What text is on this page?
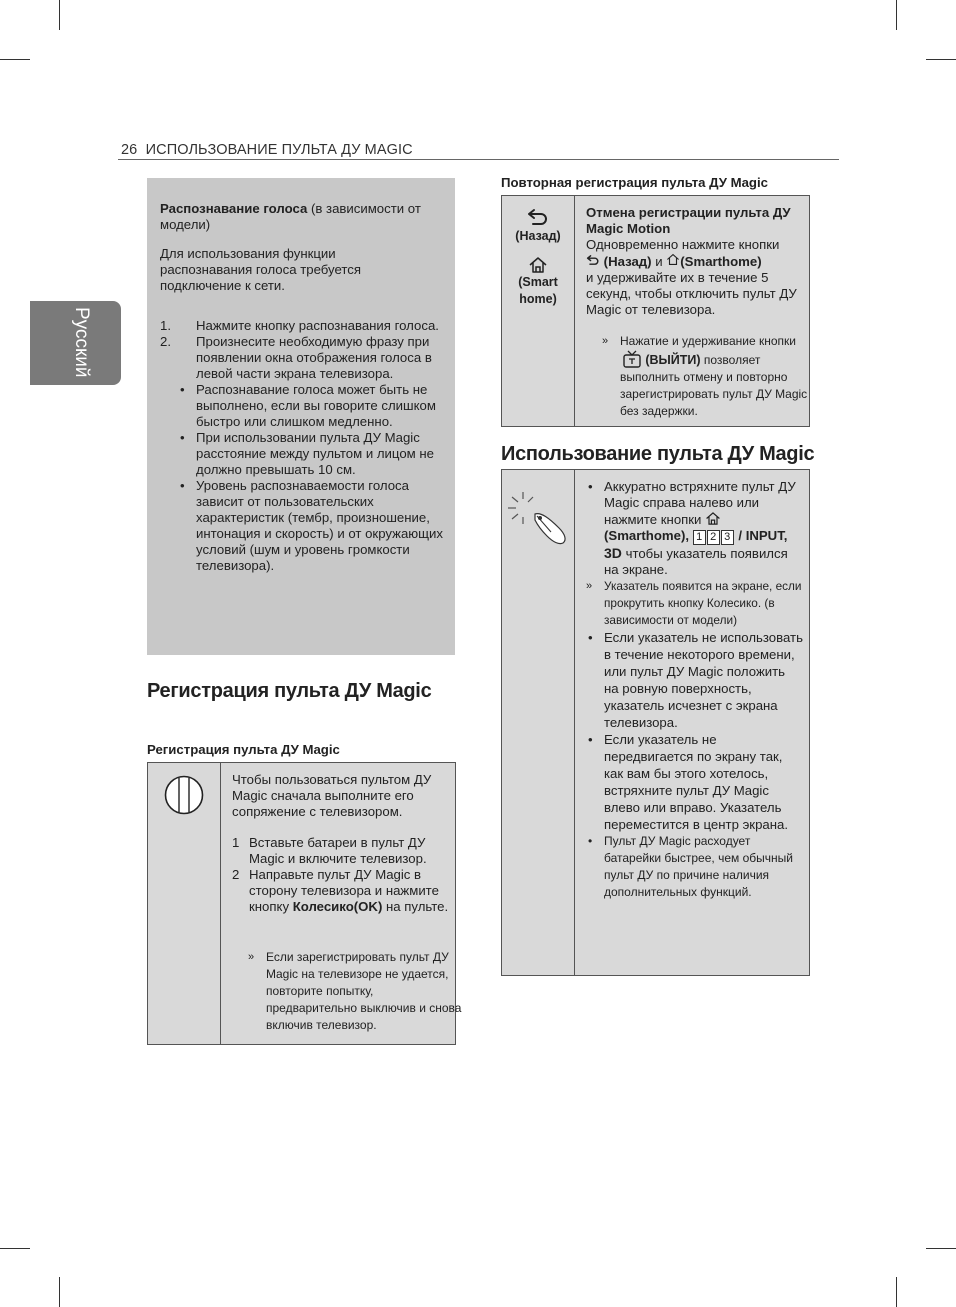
26 ИСПОЛЬЗОВАНИЕ ПУЛЬТА ДУ MAGIC
Русский
Распознавание голоса (в зависимости от модели)
Для использования функции распознавания голоса требуется подключение к сети.
1. Нажмите кнопку распознавания голоса.
2. Произнесите необходимую фразу при появлении окна отображения голоса в левой части экрана телевизора.
• Распознавание голоса может быть не выполнено, если вы говорите слишком быстро или слишком медленно.
• При использовании пульта ДУ Magic расстояние между пультом и лицом не должно превышать 10 см.
• Уровень распознаваемости голоса зависит от пользовательских характеристик (тембр, произношение, интонация и скорость) и от окружающих условий (шум и уровень громкости телевизора).
Регистрация пульта ДУ Magic
Регистрация пульта ДУ Magic
Чтобы пользоваться пультом ДУ Magic сначала выполните его сопряжение с телевизором.
1 Вставьте батареи в пульт ДУ Magic и включите телевизор.
2 Направьте пульт ДУ Magic в сторону телевизора и нажмите кнопку Колесико(OK) на пульте.
» Если зарегистрировать пульт ДУ Magic на телевизоре не удается, повторите попытку, предварительно выключив и снова включив телевизор.
Повторная регистрация пульта ДУ Magic
(Назад)
(Smart home)
Отмена регистрации пульта ДУ Magic Motion
Одновременно нажмите кнопки
(Назад) и (Smarthome)
и удерживайте их в течение 5 секунд, чтобы отключить пульт ДУ Magic от телевизора.
» Нажатие и удерживание кнопки  (ВЫЙТИ) позволяет выполнить отмену и повторно зарегистрировать пульт ДУ Magic без задержки.
Использование пульта ДУ Magic
• Аккуратно встряхните пульт ДУ Magic справа налево или нажмите кнопки  (Smarthome), 1 2 3 / INPUT, 3D чтобы указатель появился на экране.
» Указатель появится на экране, если прокрутить кнопку Колесико. (в зависимости от модели)
• Если указатель не использовать в течение некоторого времени, или пульт ДУ Magic положить на ровную поверхность, указатель исчезнет с экрана телевизора.
• Если указатель не передвигается по экрану так, как вам бы этого хотелось, встряхните пульт ДУ Magic влево или вправо. Указатель переместится в центр экрана.
• Пульт ДУ Magic расходует батарейки быстрее, чем обычный пульт ДУ по причине наличия дополнительных функций.
